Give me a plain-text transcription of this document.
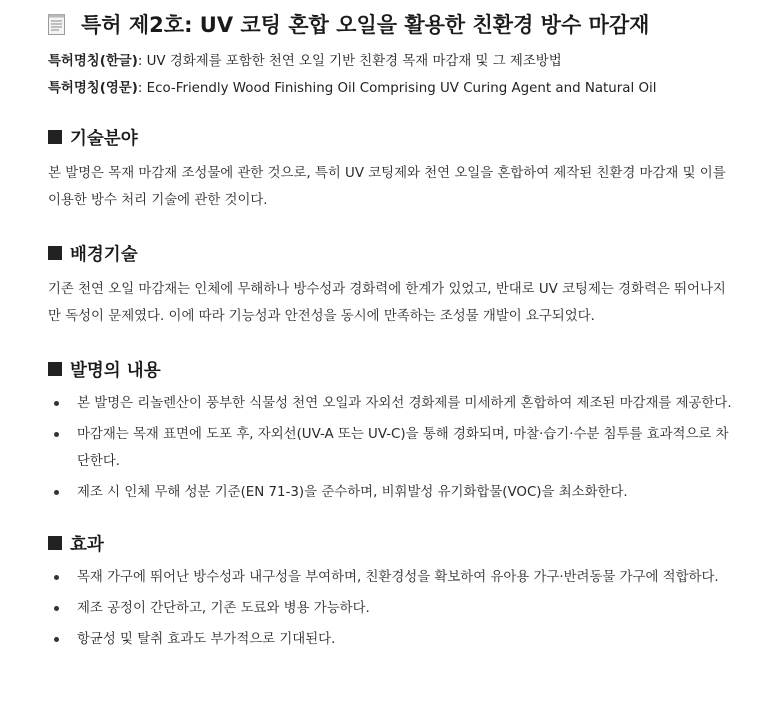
특허 제2호: UV 코팅 혼합 오일을 활용한 친환경 방수 마감재
특허명칭(한글): UV 경화제를 포함한 천연 오일 기반 친환경 목재 마감재 및 그 제조방법
특허명칭(영문): Eco-Friendly Wood Finishing Oil Comprising UV Curing Agent and Natural Oil
기술분야
본 발명은 목재 마감재 조성물에 관한 것으로, 특히 UV 코팅제와 천연 오일을 혼합하여 제작된 친환경 마감재 및 이를 이용한 방수 처리 기술에 관한 것이다.
배경기술
기존 천연 오일 마감재는 인체에 무해하나 방수성과 경화력에 한계가 있었고, 반대로 UV 코팅제는 경화력은 뛰어나지만 독성이 문제였다. 이에 따라 기능성과 안전성을 동시에 만족하는 조성물 개발이 요구되었다.
발명의 내용
본 발명은 리놀렌산이 풍부한 식물성 천연 오일과 자외선 경화제를 미세하게 혼합하여 제조된 마감재를 제공한다.
마감재는 목재 표면에 도포 후, 자외선(UV-A 또는 UV-C)을 통해 경화되며, 마찰·습기·수분 침투를 효과적으로 차단한다.
제조 시 인체 무해 성분 기준(EN 71-3)을 준수하며, 비휘발성 유기화합물(VOC)을 최소화한다.
효과
목재 가구에 뛰어난 방수성과 내구성을 부여하며, 친환경성을 확보하여 유아용 가구·반려동물 가구에 적합하다.
제조 공정이 간단하고, 기존 도료와 병용 가능하다.
항균성 및 탈취 효과도 부가적으로 기대된다.
